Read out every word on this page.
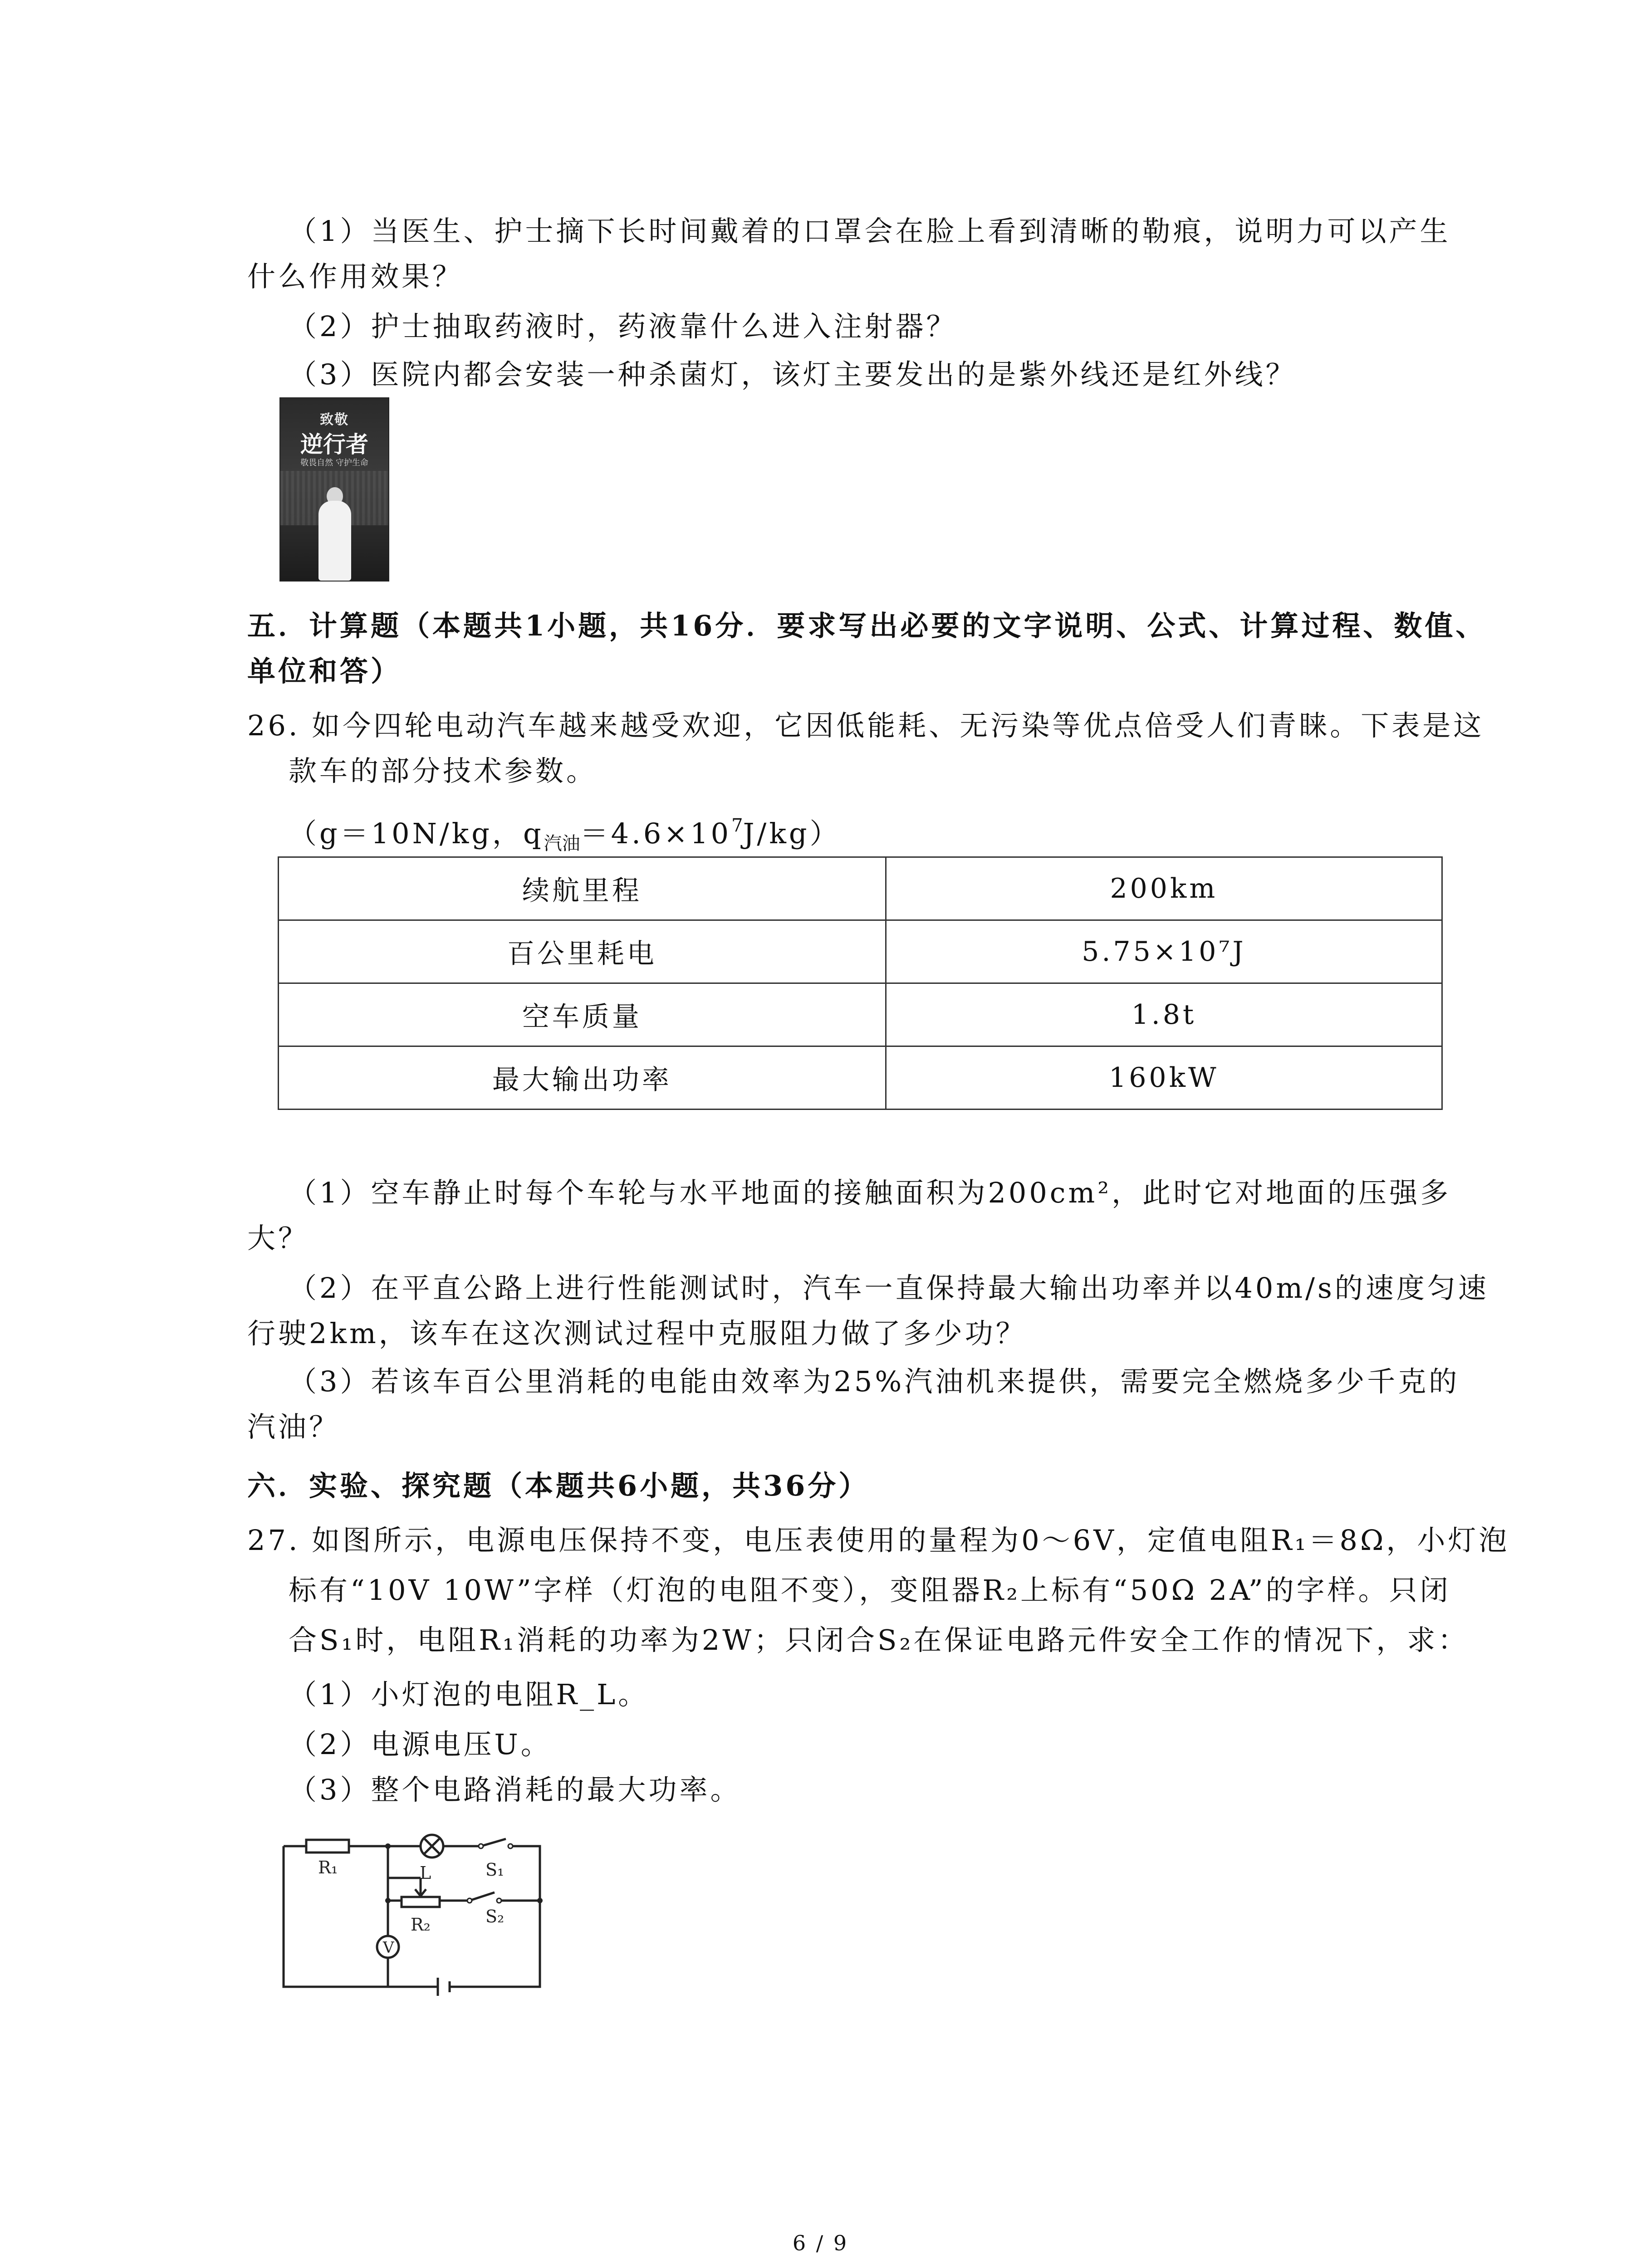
（1）当医生、护士摘下长时间戴着的口罩会在脸上看到清晰的勒痕，说明力可以产生
什么作用效果？
（2）护士抽取药液时，药液靠什么进入注射器？
（3）医院内都会安装一种杀菌灯，该灯主要发出的是紫外线还是红外线？
致敬
逆行者
敬畏自然 守护生命
五．计算题（本题共1小题，共16分．要求写出必要的文字说明、公式、计算过程、数值、
单位和答）
26. 如今四轮电动汽车越来越受欢迎，它因低能耗、无污染等优点倍受人们青睐。下表是这
款车的部分技术参数。
（g＝10N/kg，$q_{汽油}=4.6\times 10^7J/kg$）
续航里程	200km
百公里耗电	5.75×10⁷J
空车质量	1.8t
最大输出功率	160kW
（1）空车静止时每个车轮与水平地面的接触面积为200cm²，此时它对地面的压强多
大？
（2）在平直公路上进行性能测试时，汽车一直保持最大输出功率并以40m/s的速度匀速
行驶2km，该车在这次测试过程中克服阻力做了多少功？
（3）若该车百公里消耗的电能由效率为25%汽油机来提供，需要完全燃烧多少千克的
汽油？
六．实验、探究题（本题共6小题，共36分）
27. 如图所示，电源电压保持不变，电压表使用的量程为0～6V，定值电阻R₁＝8Ω，小灯泡
标有“10V 10W”字样（灯泡的电阻不变），变阻器R₂上标有“50Ω 2A”的字样。只闭
合S₁时，电阻R₁消耗的功率为2W；只闭合S₂在保证电路元件安全工作的情况下，求：
（1）小灯泡的电阻R_L。
（2）电源电压U。
（3）整个电路消耗的最大功率。
R₁	L	S₁
S₂
R₂
V
6 / 9
